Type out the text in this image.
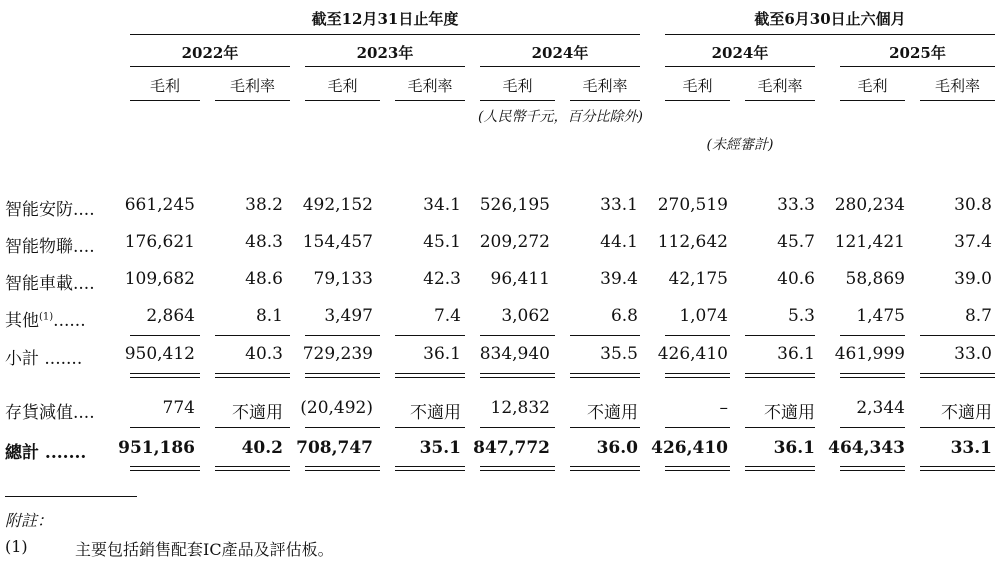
截至12月31日止年度	截至6月30日止六個月
2022年	2023年	2024年	2024年	2025年
毛利	毛利率	毛利	毛利率	毛利	毛利率	毛利	毛利率	毛利	毛利率
(人民幣千元，百分比除外)
(未經審計)
智能安防.... 661,245	38.2 492,152	34.1 526,195	33.1 270,519	33.3 280,234	30.8
智能物聯.... 176,621	48.3 154,457	45.1 209,272	44.1 112,642	45.7 121,421	37.4
智能車載.... 109,682	48.6 79,133	42.3 96,411	39.4 42,175	40.6 58,869	39.0
其他$^{(1)}$......	2,864	8.1 3,497	7.4 3,062	6.8 1,074	5.3 1,475	8.7
小計 ....... 950,412	40.3 729,239	36.1 834,940	35.5 426,410	36.1 461,999	33.0
存貨減值....	774 不適用 (20,492) 不適用 12,832 不適用	– 不適用 2,344 不適用
總計 ....... 951,186	40.2 708,747	35.1 847,772	36.0 426,410	36.1 464,343	33.1
附註：
(1)	主要包括銷售配套IC產品及評估板。
